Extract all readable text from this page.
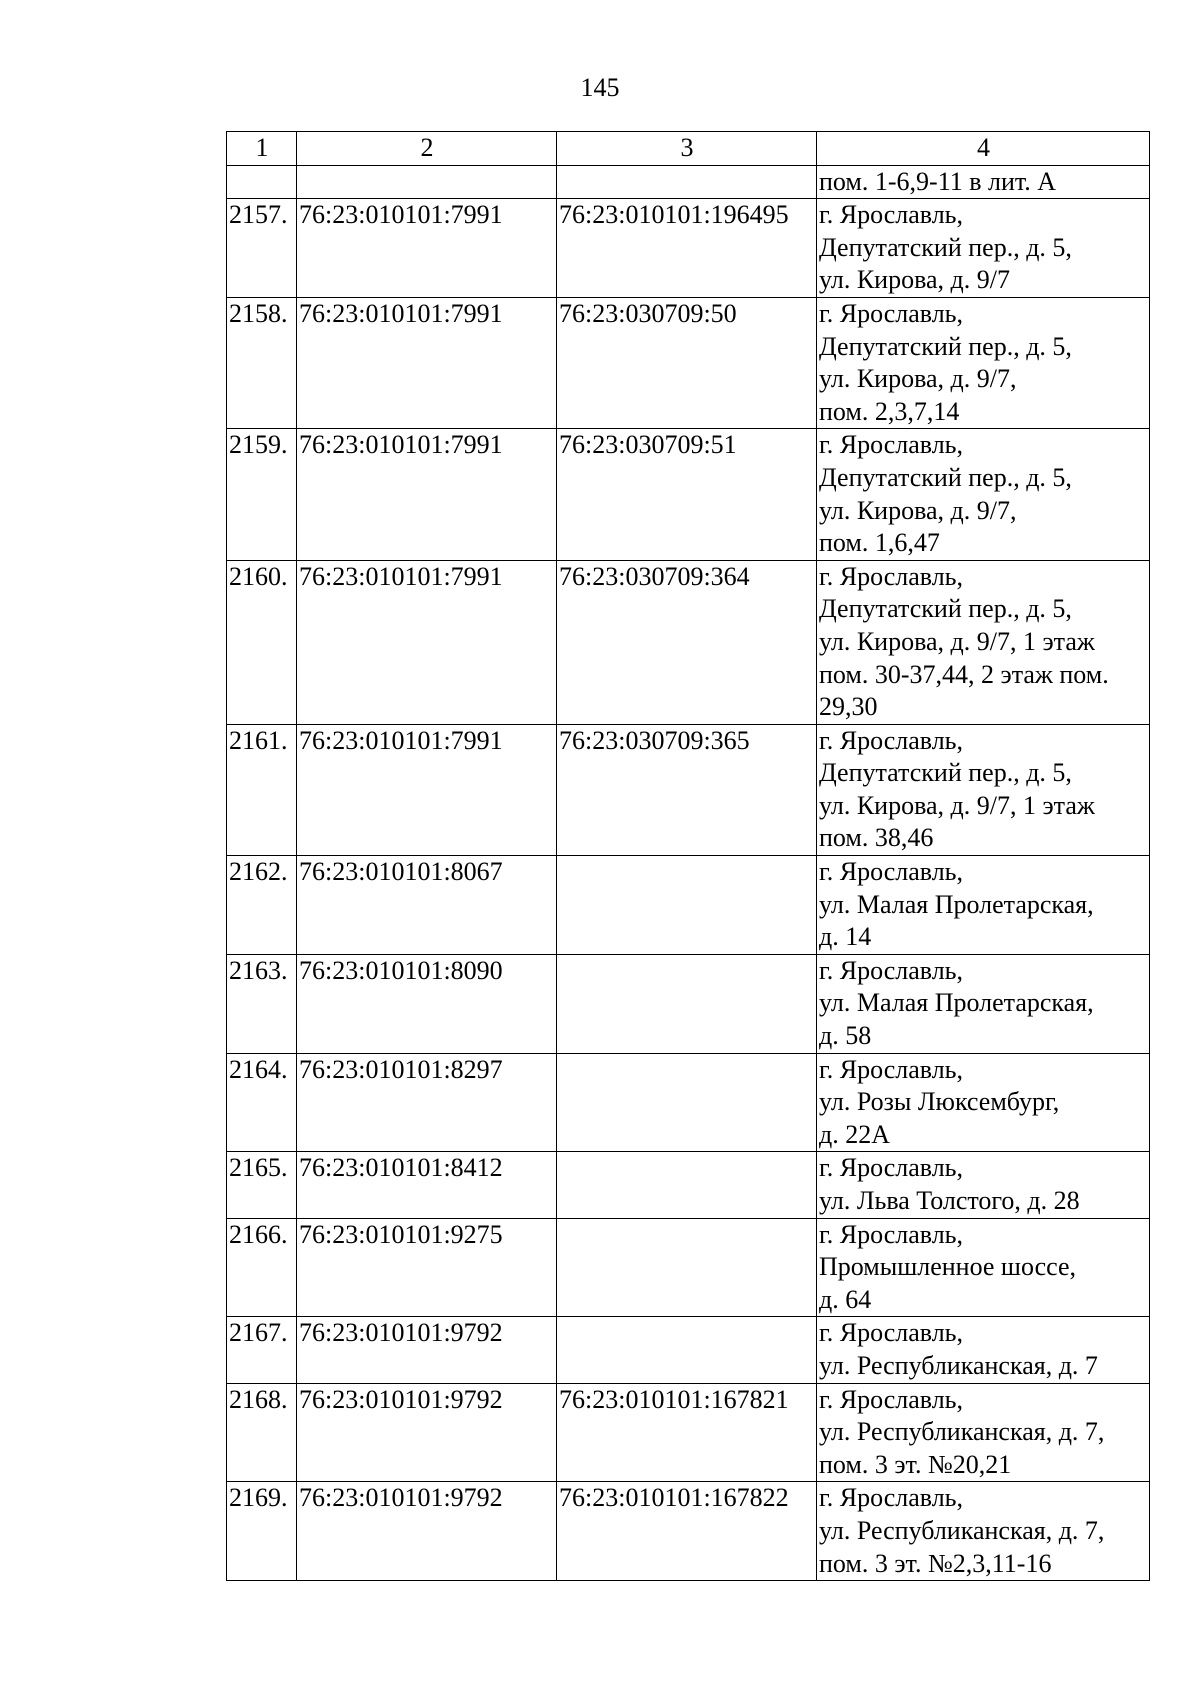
145
1	2	3	4
			пом. 1-6,9-11 в лит. А
2157.	76:23:010101:7991	76:23:010101:196495	г. Ярославль,
Депутатский пер., д. 5,
ул. Кирова, д. 9/7
2158.	76:23:010101:7991	76:23:030709:50	г. Ярославль,
Депутатский пер., д. 5,
ул. Кирова, д. 9/7,
пом. 2,3,7,14
2159.	76:23:010101:7991	76:23:030709:51	г. Ярославль,
Депутатский пер., д. 5,
ул. Кирова, д. 9/7,
пом. 1,6,47
2160.	76:23:010101:7991	76:23:030709:364	г. Ярославль,
Депутатский пер., д. 5,
ул. Кирова, д. 9/7, 1 этаж
пом. 30-37,44, 2 этаж пом.
29,30
2161.	76:23:010101:7991	76:23:030709:365	г. Ярославль,
Депутатский пер., д. 5,
ул. Кирова, д. 9/7, 1 этаж
пом. 38,46
2162.	76:23:010101:8067		г. Ярославль,
ул. Малая Пролетарская,
д. 14
2163.	76:23:010101:8090		г. Ярославль,
ул. Малая Пролетарская,
д. 58
2164.	76:23:010101:8297		г. Ярославль,
ул. Розы Люксембург,
д. 22А
2165.	76:23:010101:8412		г. Ярославль,
ул. Льва Толстого, д. 28
2166.	76:23:010101:9275		г. Ярославль,
Промышленное шоссе,
д. 64
2167.	76:23:010101:9792		г. Ярославль,
ул. Республиканская, д. 7
2168.	76:23:010101:9792	76:23:010101:167821	г. Ярославль,
ул. Республиканская, д. 7,
пом. 3 эт. №20,21
2169.	76:23:010101:9792	76:23:010101:167822	г. Ярославль,
ул. Республиканская, д. 7,
пом. 3 эт. №2,3,11-16
